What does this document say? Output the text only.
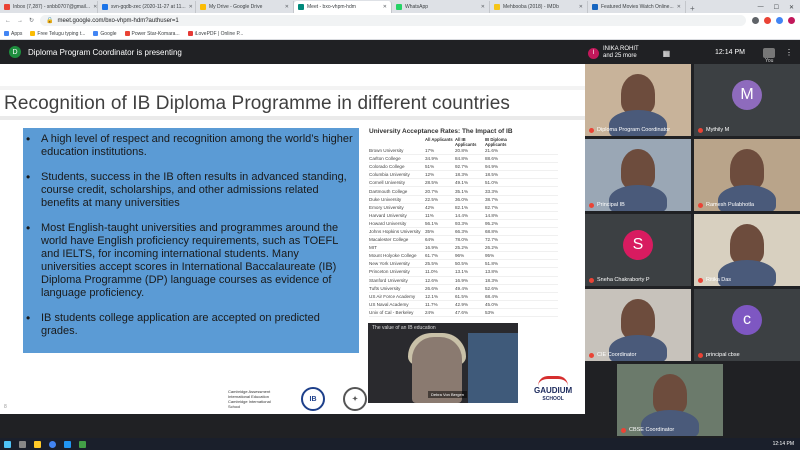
Inbox (7,287) - snbb0707@gmail... ✕	svn-gqdb-zec (2020-11-27 at 11... ✕	My Drive - Google Drive	✕	Meet - bxo-vhpm-hdm	✕	WhatsApp	✕	Mehbooba (2018) - IMDb	✕	Featured Movies Watch Online... ✕	+	— ☐ ✕
← → ↻ 🔒 meet.google.com/bxo-vhpm-hdm?authuser=1
Apps	Free Telugu typing t...	Google	Power Star-Komara...	iLovePDF | Online P...
D	Diploma Program Coordinator is presenting
Recognition of IB Diploma Programme in different countries
• A high level of respect and recognition among the world’s higher education institutions.
• Students, success in the IB often results in advanced standing, course credit, scholarships, and other admissions related benefits at many universities
• Most English-taught universities and programmes around the world have English proficiency requirements, such as TOEFL and IELTS, for incoming international students. Many universities accept scores in International Baccalaureate (IB) Diploma Programme (DP) language courses as evidence of language proficiency.
• IB students college application are accepted on predicted grades.
University Acceptance Rates: The Impact of IB
All Applicants All IB Applicants
IB Diploma Applicants
Brown University	17%	20.8%	21.6%
Carlton College	34.9%	84.8%	88.6%
Colorado College	51%	92.7%	94.9%
Columbia University	12%	18.3%	18.5%
Cornell University	28.5%	49.1%	51.0%
Dartmouth College	20.7%	35.1%	33.3%
Duke University	22.5%	36.0%	38.7%
Emory University	42%	82.1%	82.7%
Harvard University	11%	14.4%	14.8%
Howard University	56.1%	93.3%	95.2%
Johns Hopkins University 35%	66.3%	68.8%
Macalester College	64%	78.0%	72.7%
MIT	16.9%	25.2%	26.2%
Mount Holyoke College	61.7%	96%	95%
New York University	25.5%	50.5%	51.8%
Princeton University	11.0%	13.1%	13.8%
Stanford University	12.6%	16.9%	18.3%
Tufts University	26.6%	49.4%	52.6%
US Air Force Academy	12.1%	61.5%	68.4%
US Naval Academy	11.7%	42.9%	45.0%
Univ of Cal - Berkeley	24%	47.6%	53%
The value of an IB education
Debra Von Bergen
Cambridge Assessment International Education
Cambridge International School
IB	✦
GAUDIUM
SCHOOL
8
I
INIKA ROHIT
and 25 more	▦	12:14 PM
You
⋮
Diploma Program Coordinator
M
Mythily M
Principal IB	Ramesh Pulabhotla
S
Sneha Chakraborty P	Ritika Das
CIE Coordinator
c
principal cbse
CBSE Coordinator
12:14 PM
